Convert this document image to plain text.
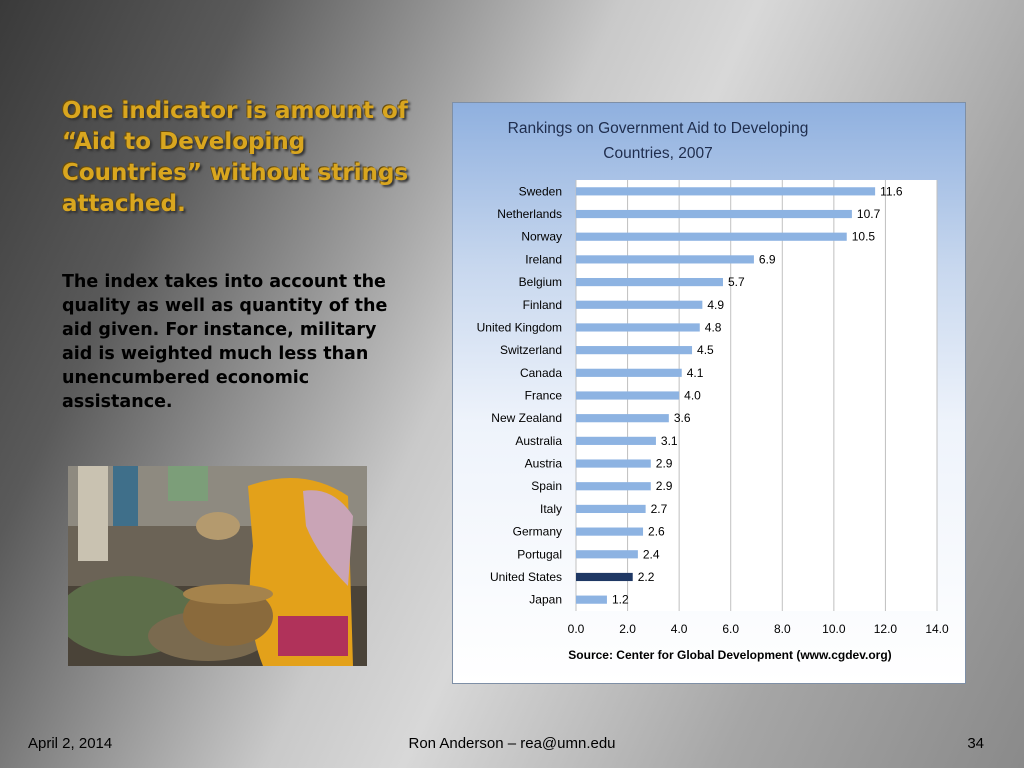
One indicator is amount of “Aid to Developing Countries” without strings attached.

The index takes into account the quality as well as quantity of the aid given. For instance, military aid is weighted much less than unencumbered economic assistance.

0.0	2.0	4.0	6.0	8.0	10.0 12.0 14.0
Sweden	11.6
Netherlands	10.7
Norway	10.5
Ireland	6.9
Belgium	5.7
Finland	4.9
United Kingdom	4.8
Switzerland	4.5
Canada	4.1
France	4.0
New Zealand	3.6
Australia	3.1
Austria	2.9
Spain	2.9
Italy	2.7
Germany	2.6
Portugal	2.4
United States	2.2
Japan	1.2
Rankings on Government Aid to Developing
Countries, 2007
Source: Center for Global Development (www.cgdev.org)
April 2, 2014	Ron Anderson – rea@umn.edu	34
